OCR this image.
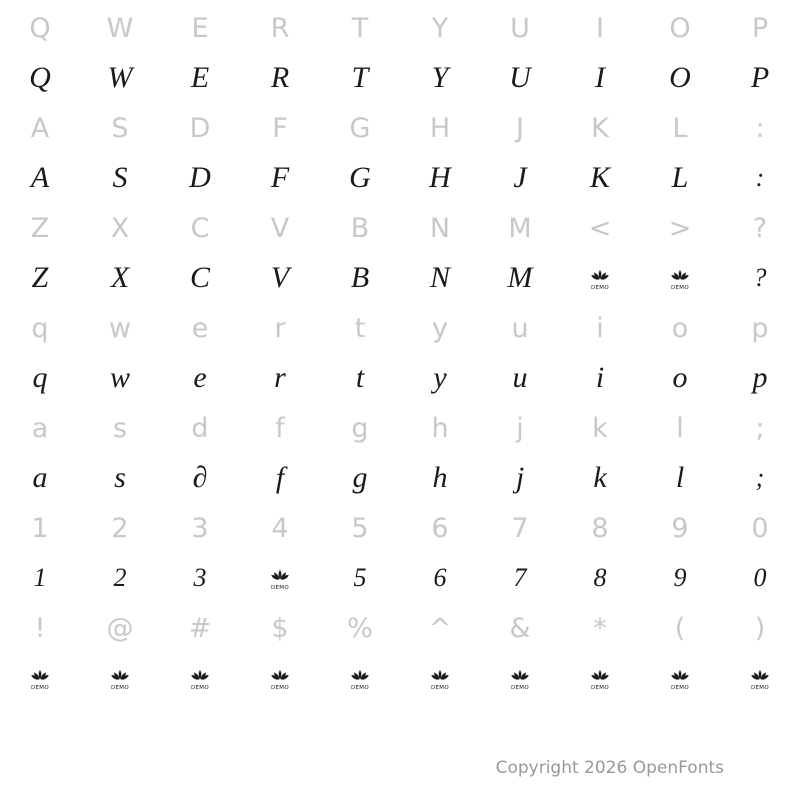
Q	W	E	R	T	Y	U	I	O	P
Q	W	E	R	T	Y	U	I	O	P
A	S	D	F	G	H	J	K	L	:
A	S	D	F	G	H	J	K	L	:
Z	X	C	V	B	N	M	<	>	?
Z	X	C	V	B	N	M	DEMO	DEMO	?
q	w	e	r	t	y	u	i	o	p
q	w	e	r	t	y	u	i	o	p
a	s	d	f	g	h	j	k	l	;
a	s	∂	f	g	h	j	k	l	;
1	2	3	4	5	6	7	8	9	0
1	2	3	DEMO	5	6	7	8	9	0
!	@	#	$	%	^	&	*	(	)
DEMO	DEMO	DEMO	DEMO	DEMO	DEMO	DEMO	DEMO	DEMO	DEMO
Copyright 2026 OpenFonts
